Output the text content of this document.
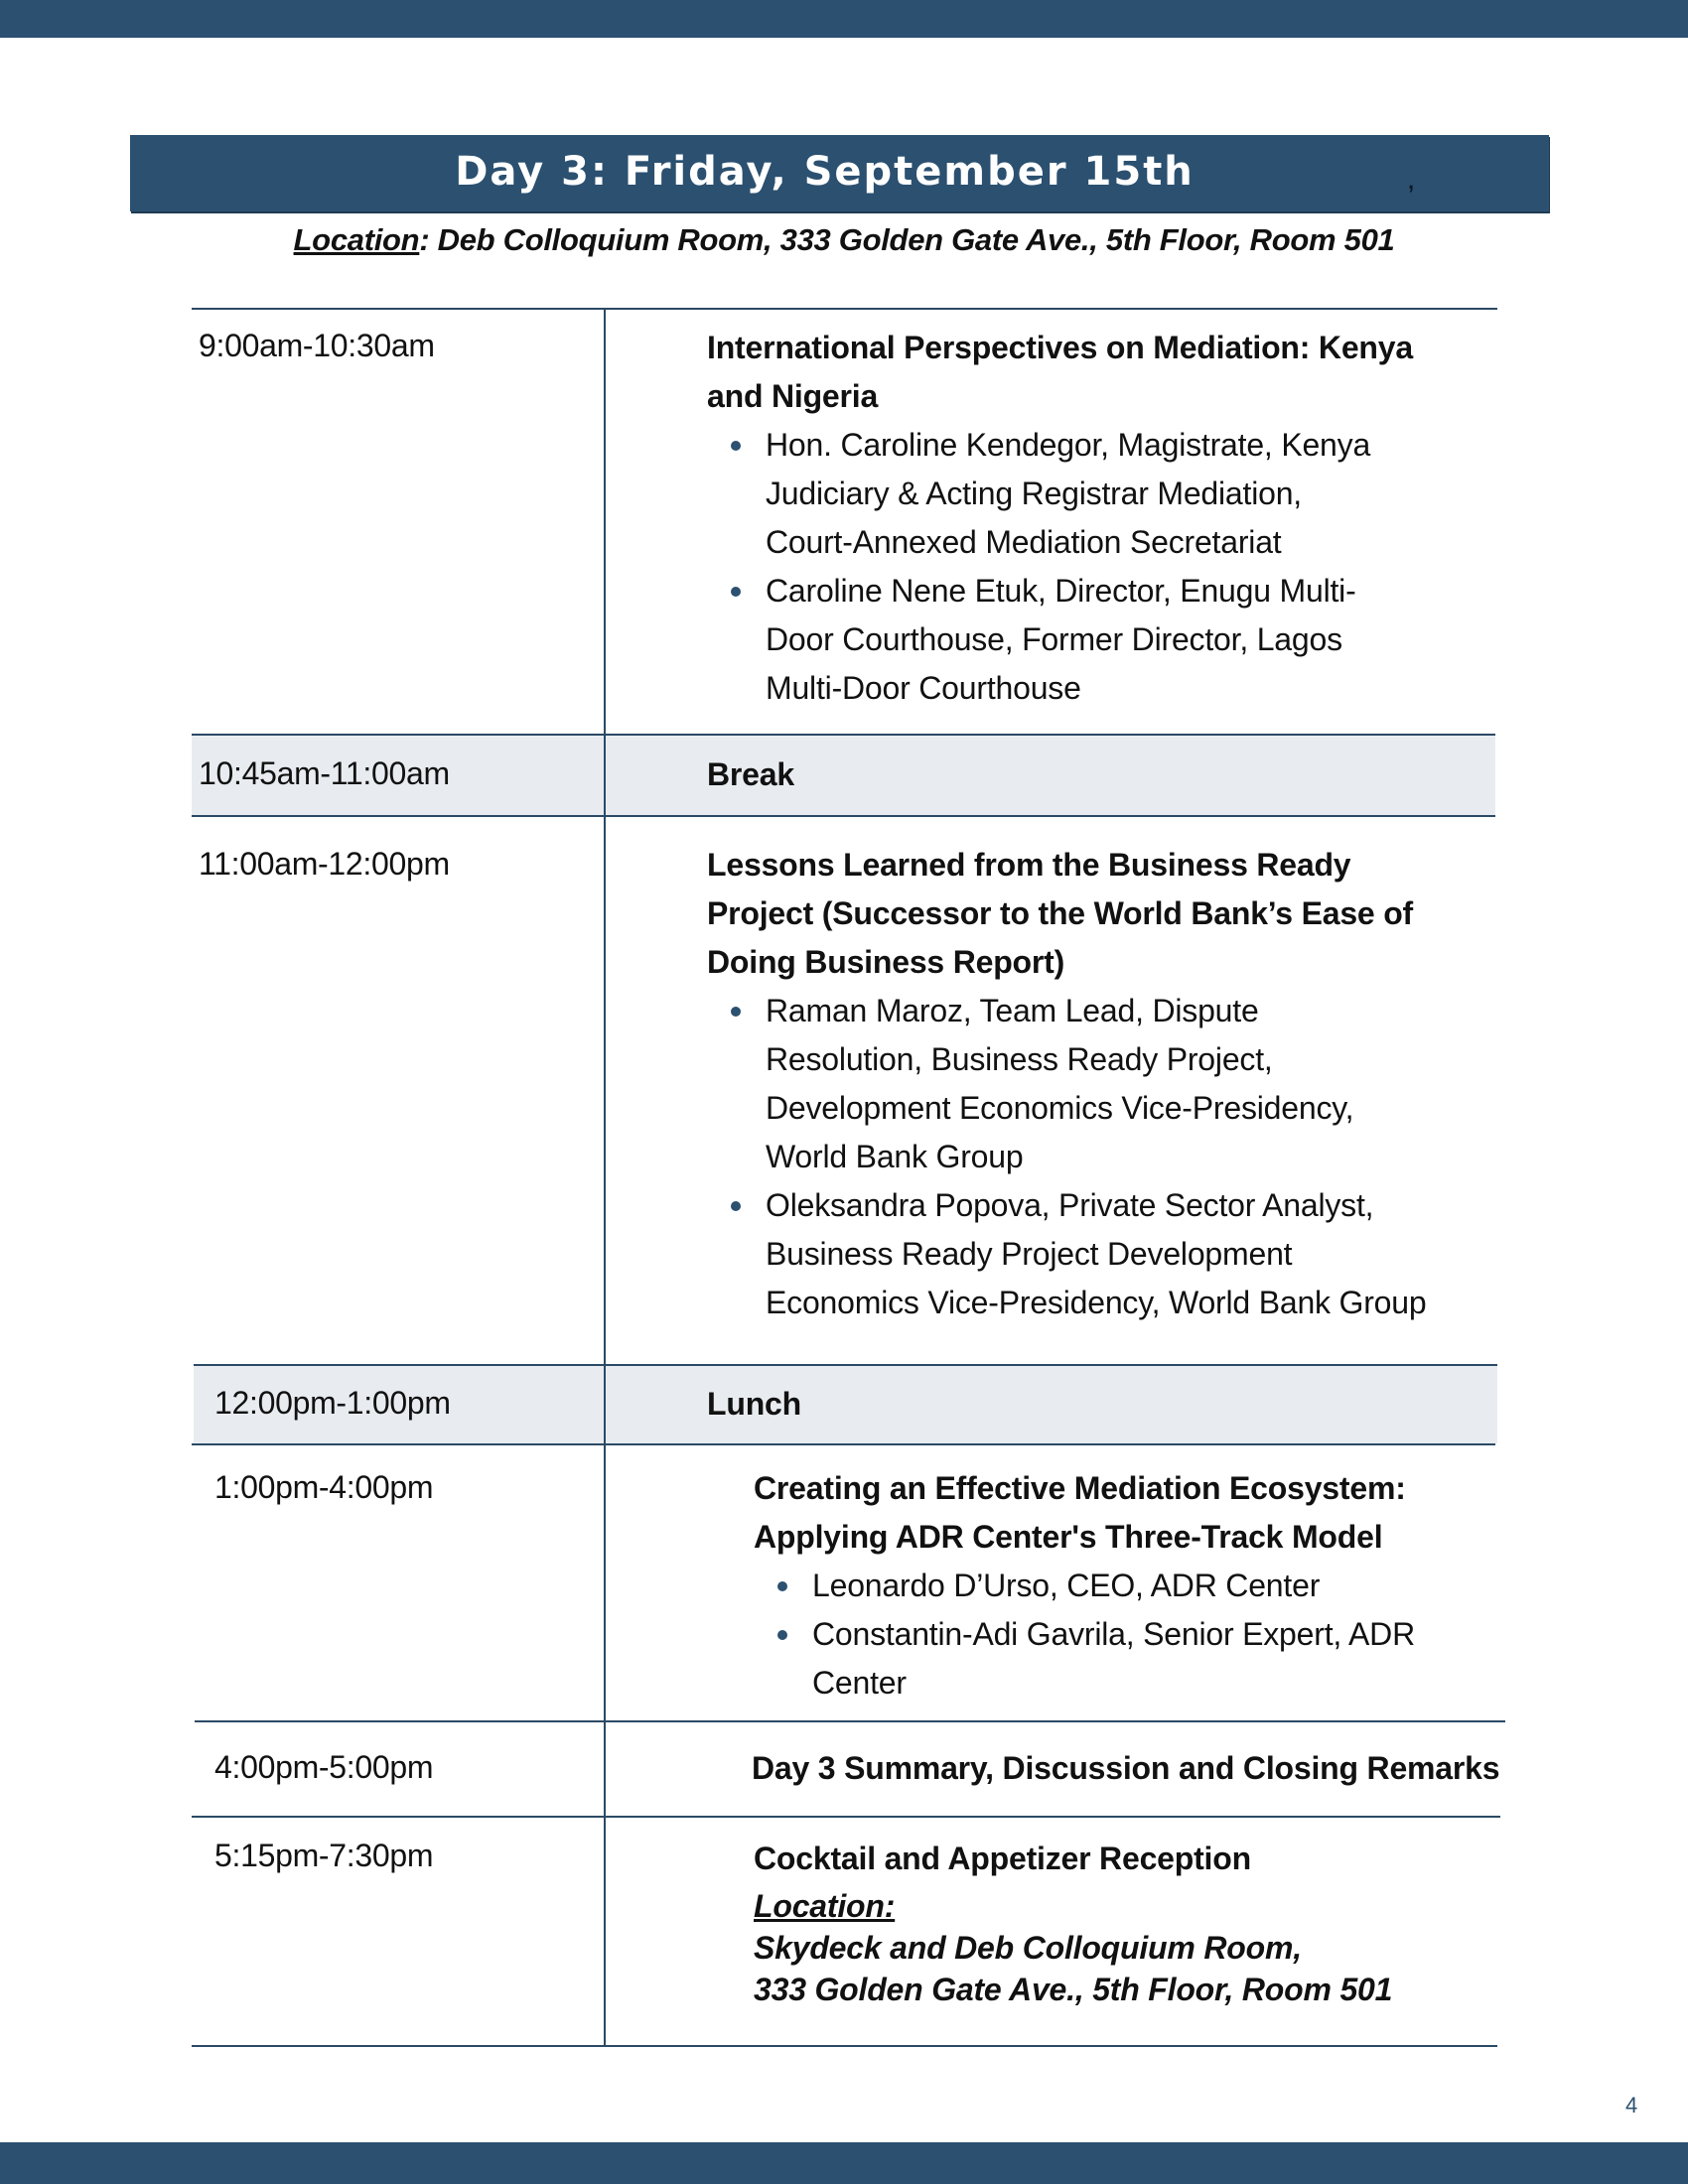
Day 3: Friday, September 15th	,
Location: Deb Colloquium Room, 333 Golden Gate Ave., 5th Floor, Room 501
9:00am-10:30am	International Perspectives on Mediation: Kenya
and Nigeria
Hon. Caroline Kendegor, Magistrate, Kenya
Judiciary & Acting Registrar Mediation,
Court-Annexed Mediation Secretariat
Caroline Nene Etuk, Director, Enugu Multi-
Door Courthouse, Former Director, Lagos
Multi-Door Courthouse
10:45am-11:00am	Break
11:00am-12:00pm	Lessons Learned from the Business Ready
Project (Successor to the World Bank’s Ease of
Doing Business Report)
Raman Maroz, Team Lead, Dispute
Resolution, Business Ready Project,
Development Economics Vice-Presidency,
World Bank Group
Oleksandra Popova, Private Sector Analyst,
Business Ready Project Development
Economics Vice-Presidency, World Bank Group
12:00pm-1:00pm	Lunch
1:00pm-4:00pm	Creating an Effective Mediation Ecosystem:
Applying ADR Center's Three-Track Model
Leonardo D’Urso, CEO, ADR Center
Constantin-Adi Gavrila, Senior Expert, ADR
Center
4:00pm-5:00pm	Day 3 Summary, Discussion and Closing Remarks
5:15pm-7:30pm	Cocktail and Appetizer Reception
Location:
Skydeck and Deb Colloquium Room,
333 Golden Gate Ave., 5th Floor, Room 501
4
